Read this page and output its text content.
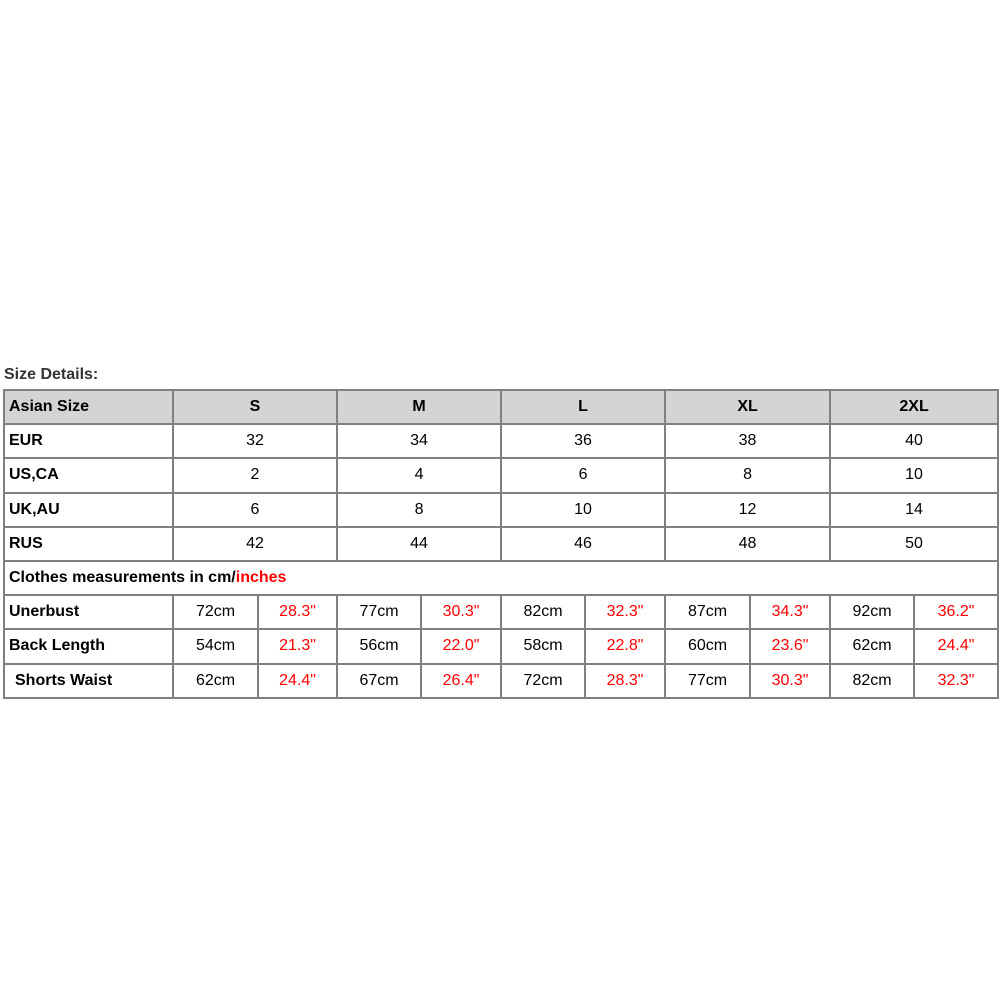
Size Details:
Asian Size	S		M		L		XL		2XL	
EUR	32		34		36		38		40	
US,CA	2		4		6		8		10	
UK,AU	6		8		10		12		14	
RUS	42		44		46		48		50	
Clothes measurements in cm/inches										
Unerbust	72cm	28.3"	77cm	30.3"	82cm	32.3"	87cm	34.3"	92cm	36.2"
Back Length	54cm	21.3"	56cm	22.0"	58cm	22.8"	60cm	23.6"	62cm	24.4"
Shorts Waist	62cm	24.4"	67cm	26.4"	72cm	28.3"	77cm	30.3"	82cm	32.3"
